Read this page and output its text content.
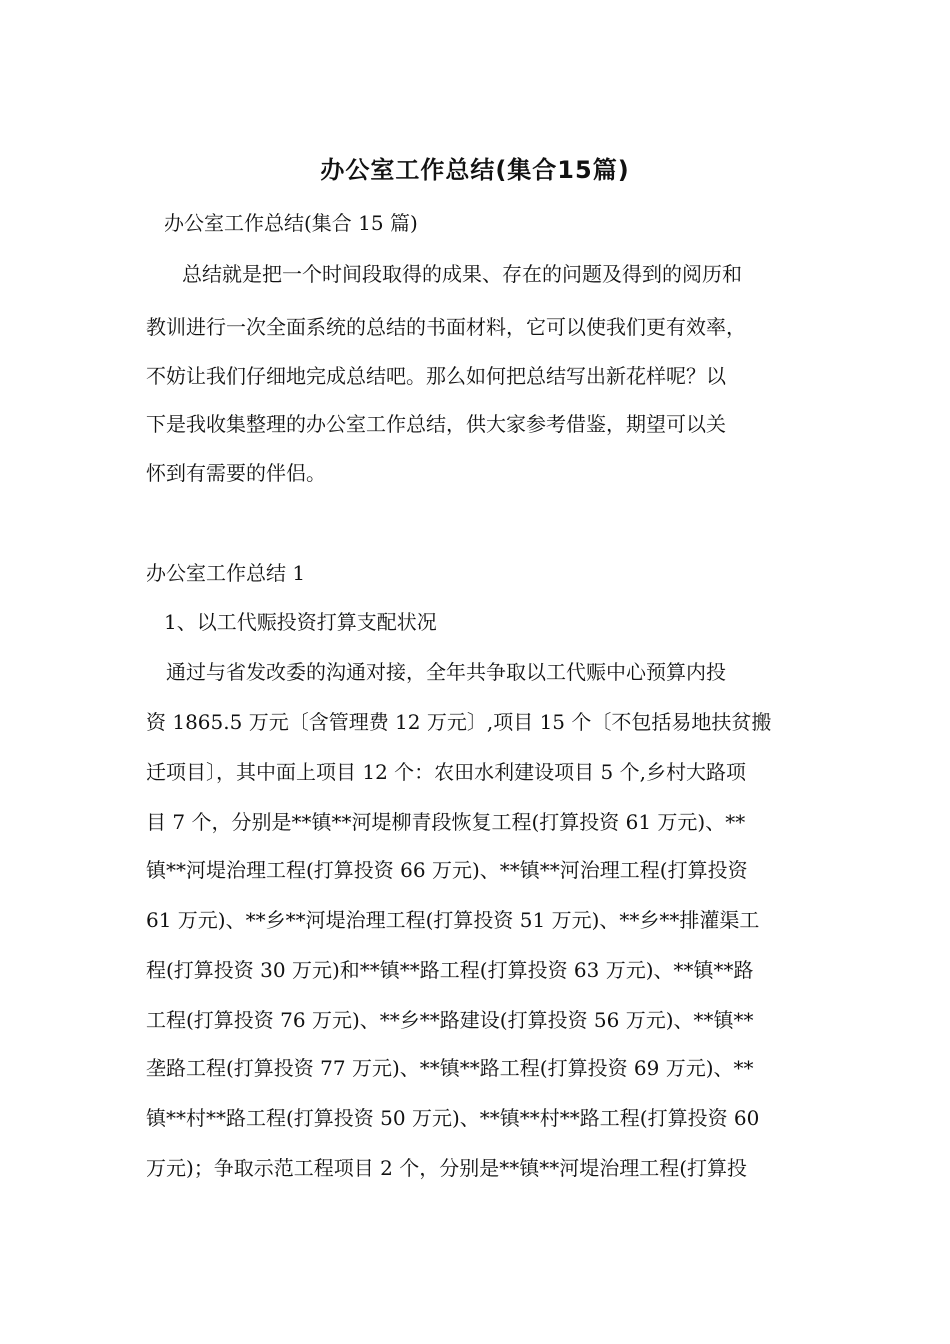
办公室工作总结(集合15篇)
办公室工作总结(集合 15 篇)
总结就是把一个时间段取得的成果、存在的问题及得到的阅历和
教训进行一次全面系统的总结的书面材料，它可以使我们更有效率，
不妨让我们仔细地完成总结吧。那么如何把总结写出新花样呢？以
下是我收集整理的办公室工作总结，供大家参考借鉴，期望可以关
怀到有需要的伴侣。
办公室工作总结 1
1、以工代赈投资打算支配状况
通过与省发改委的沟通对接，全年共争取以工代赈中心预算内投
资 1865.5 万元〔含管理费 12 万元〕,项目 15 个〔不包括易地扶贫搬
迁项目〕，其中面上项目 12 个：农田水利建设项目 5 个,乡村大路项
目 7 个，分别是**镇**河堤柳青段恢复工程(打算投资 61 万元)、**
镇**河堤治理工程(打算投资 66 万元)、**镇**河治理工程(打算投资
61 万元)、**乡**河堤治理工程(打算投资 51 万元)、**乡**排灌渠工
程(打算投资 30 万元)和**镇**路工程(打算投资 63 万元)、**镇**路
工程(打算投资 76 万元)、**乡**路建设(打算投资 56 万元)、**镇**
垄路工程(打算投资 77 万元)、**镇**路工程(打算投资 69 万元)、**
镇**村**路工程(打算投资 50 万元)、**镇**村**路工程(打算投资 60
万元)；争取示范工程项目 2 个，分别是**镇**河堤治理工程(打算投
